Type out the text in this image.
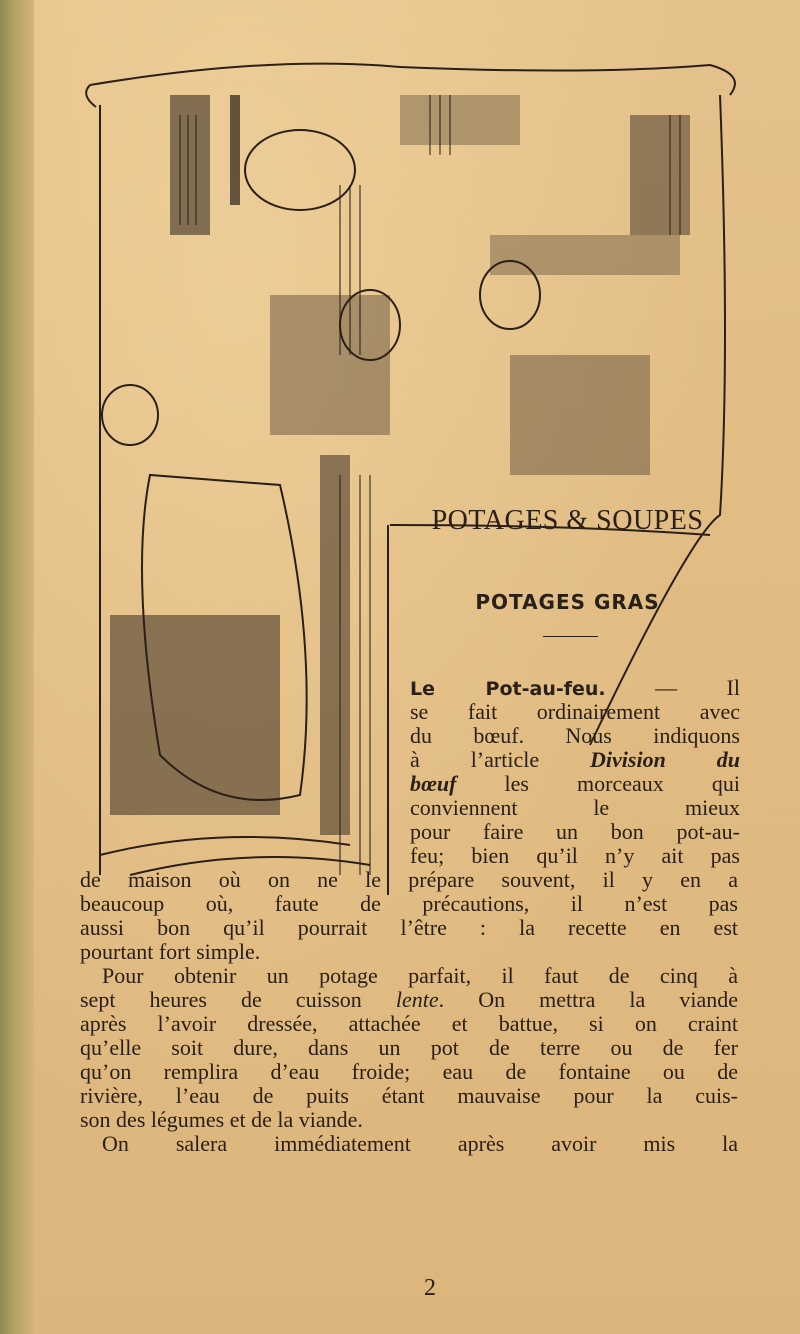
POTAGES & SOUPES
POTAGES GRAS
Le Pot-au-feu. — Il
se fait ordinairement avec
du bœuf. Nous indiquons
à l’article Division du
bœuf les morceaux qui
conviennent le mieux
pour faire un bon pot-au-
feu; bien qu’il n’y ait pas
de maison où on ne le prépare souvent, il y en a
beaucoup où, faute de précautions, il n’est pas
aussi bon qu’il pourrait l’être : la recette en est
pourtant fort simple.
Pour obtenir un potage parfait, il faut de cinq à
sept heures de cuisson lente. On mettra la viande
après l’avoir dressée, attachée et battue, si on craint
qu’elle soit dure, dans un pot de terre ou de fer
qu’on remplira d’eau froide; eau de fontaine ou de
rivière, l’eau de puits étant mauvaise pour la cuis-
son des légumes et de la viande.
On salera immédiatement après avoir mis la
2
